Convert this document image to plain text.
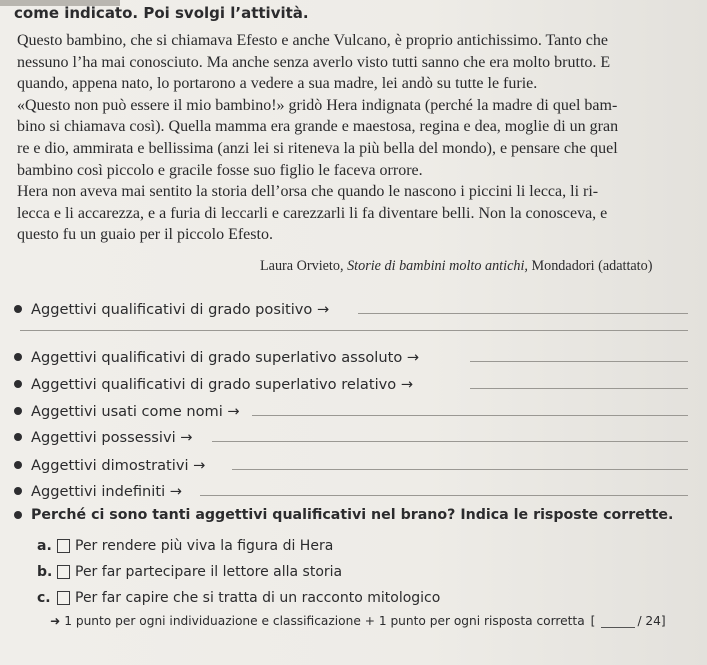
come indicato. Poi svolgi l’attività.
Questo bambino, che si chiamava Efesto e anche Vulcano, è proprio antichissimo. Tanto che
nessuno l’ha mai conosciuto. Ma anche senza averlo visto tutti sanno che era molto brutto. E
quando, appena nato, lo portarono a vedere a sua madre, lei andò su tutte le furie.
«Questo non può essere il mio bambino!» gridò Hera indignata (perché la madre di quel bam-
bino si chiamava così). Quella mamma era grande e maestosa, regina e dea, moglie di un gran
re e dio, ammirata e bellissima (anzi lei si riteneva la più bella del mondo), e pensare che quel
bambino così piccolo e gracile fosse suo figlio le faceva orrore.
Hera non aveva mai sentito la storia dell’orsa che quando le nascono i piccini li lecca, li ri-
lecca e li accarezza, e a furia di leccarli e carezzarli li fa diventare belli. Non la conosceva, e
questo fu un guaio per il piccolo Efesto.
Laura Orvieto, Storie di bambini molto antichi, Mondadori (adattato)
Aggettivi qualificativi di grado positivo →
Aggettivi qualificativi di grado superlativo assoluto →
Aggettivi qualificativi di grado superlativo relativo →
Aggettivi usati come nomi →
Aggettivi possessivi →
Aggettivi dimostrativi →
Aggettivi indefiniti →
Perché ci sono tanti aggettivi qualificativi nel brano? Indica le risposte corrette.
a. Per rendere più viva la figura di Hera
b. Per far partecipare il lettore alla storia
c.	Per far capire che si tratta di un racconto mitologico
➜ 1 punto per ogni individuazione e classificazione + 1 punto per ogni risposta corretta [	/ 24]
